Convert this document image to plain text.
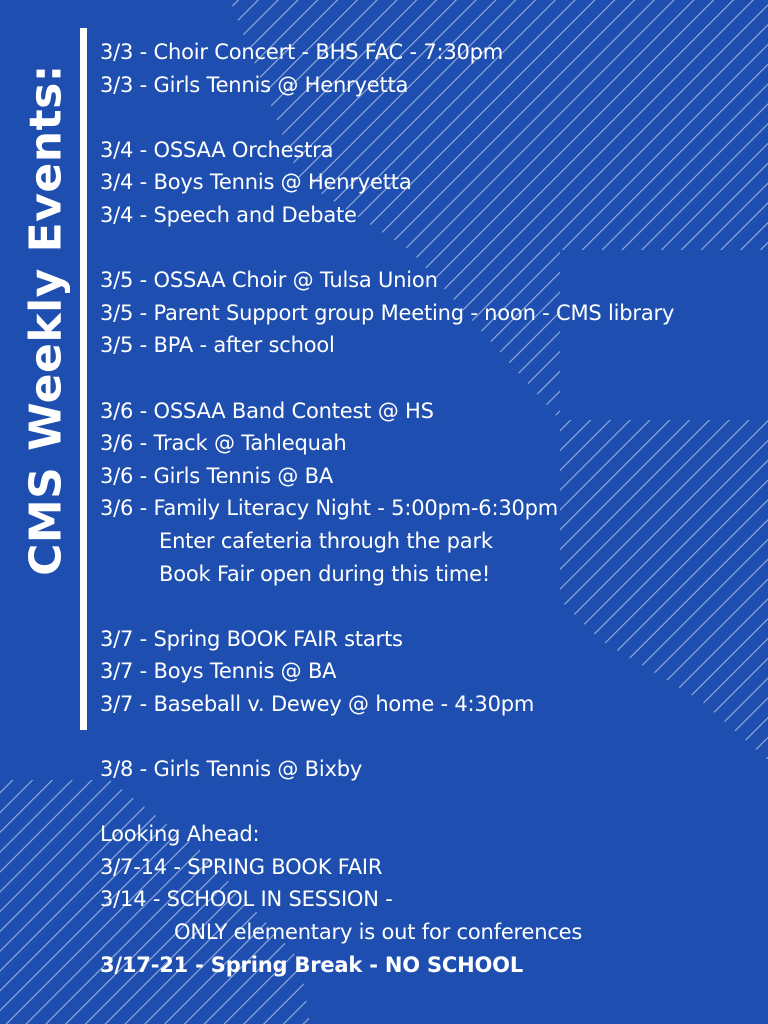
CMS Weekly Events:
3/3 - Choir Concert - BHS FAC - 7:30pm
3/3 - Girls Tennis @ Henryetta
3/4 - OSSAA Orchestra
3/4 - Boys Tennis @ Henryetta
3/4 - Speech and Debate
3/5 - OSSAA Choir @ Tulsa Union
3/5 - Parent Support group Meeting - noon - CMS library
3/5 - BPA - after school
3/6 - OSSAA Band Contest @ HS
3/6 - Track @ Tahlequah
3/6 - Girls Tennis @ BA
3/6 - Family Literacy Night - 5:00pm-6:30pm
Enter cafeteria through the park
Book Fair open during this time!
3/7 - Spring BOOK FAIR starts
3/7 - Boys Tennis @ BA
3/7 - Baseball v. Dewey @ home - 4:30pm
3/8 - Girls Tennis @ Bixby
Looking Ahead:
3/7-14 - SPRING BOOK FAIR
3/14 - SCHOOL IN SESSION -
ONLY elementary is out for conferences
3/17-21 - Spring Break - NO SCHOOL
